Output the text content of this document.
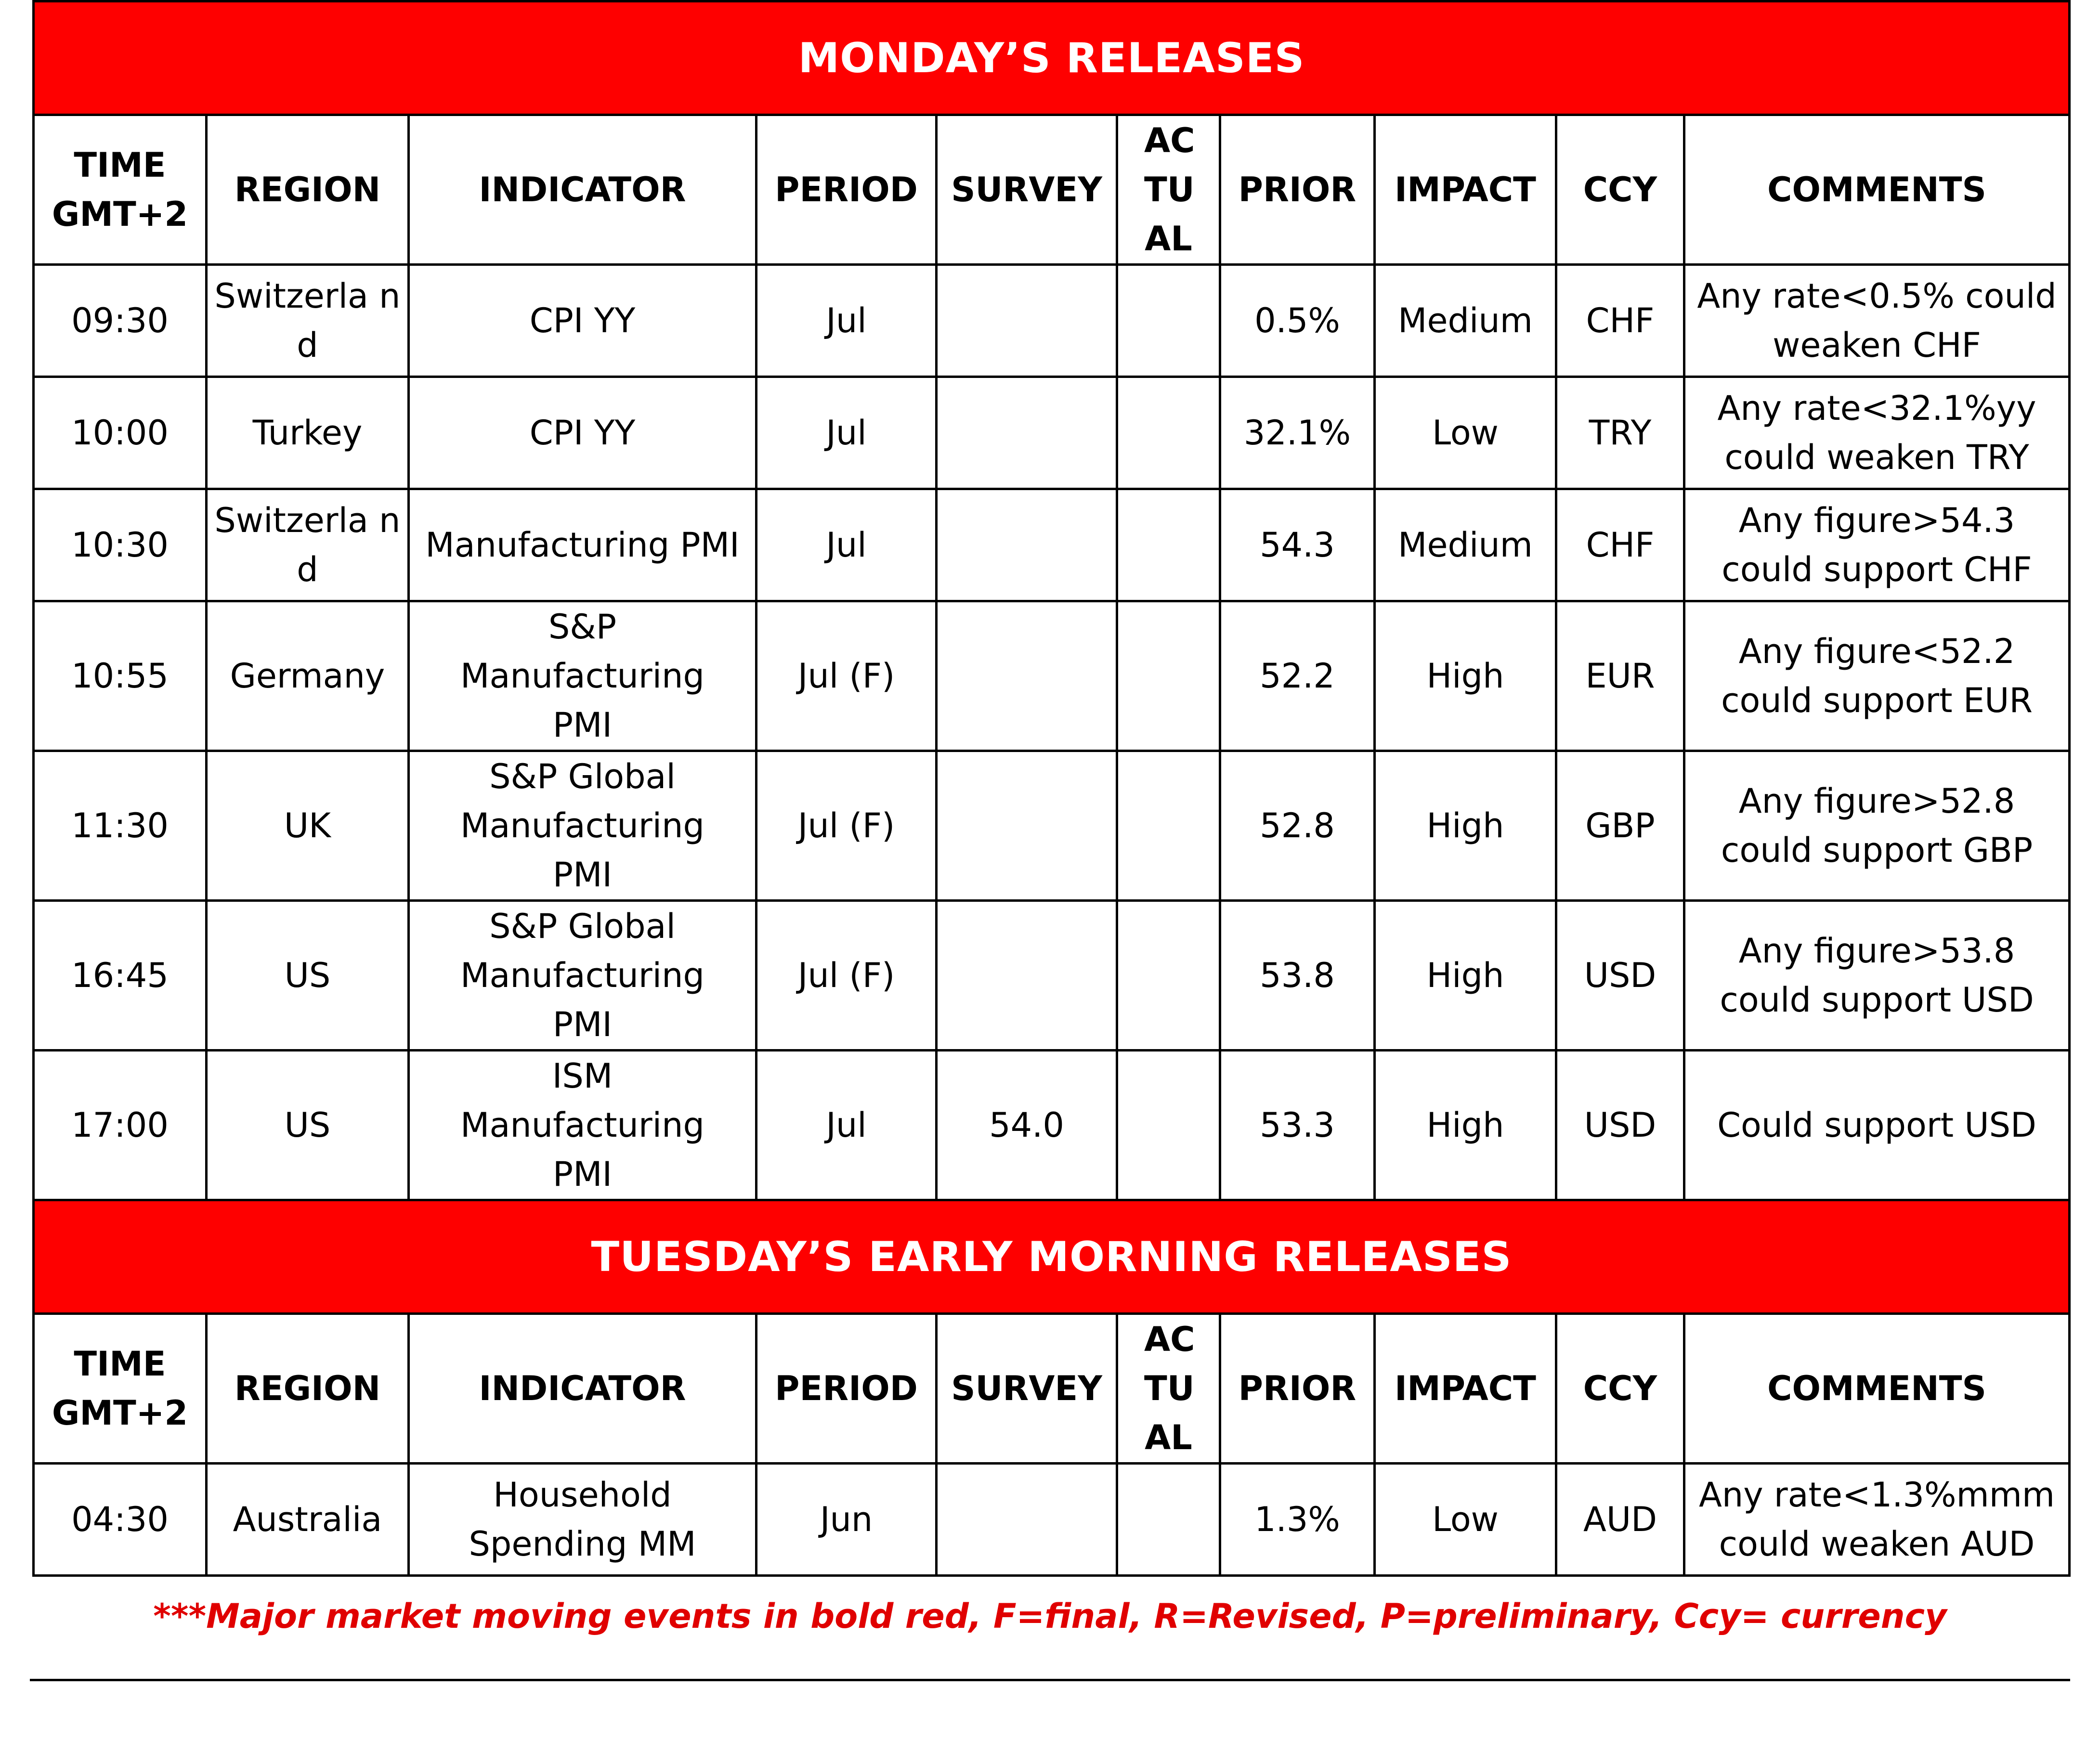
MONDAY’S RELEASES									

TIME GMT+2	REGION	INDICATOR	PERIOD	SURVEY	AC TU AL	PRIOR	IMPACT	CCY	COMMENTS
09:30	Switzerla nd	CPI YY	Jul			0.5%	Medium	CHF	Any rate<0.5% could weaken CHF
10:00	Turkey	CPI YY	Jul			32.1%	Low	TRY	Any rate<32.1%yy could weaken TRY
10:30	Switzerla nd	Manufacturing PMI	Jul			54.3	Medium	CHF	Any figure>54.3 could support CHF
10:55	Germany	S&P Manufacturing PMI	Jul (F)			52.2	High	EUR	Any figure<52.2 could support EUR
11:30	UK	S&P Global Manufacturing PMI	Jul (F)			52.8	High	GBP	Any figure>52.8 could support GBP
16:45	US	S&P Global Manufacturing PMI	Jul (F)			53.8	High	USD	Any figure>53.8 could support USD
17:00	US	ISM Manufacturing PMI	Jul	54.0		53.3	High	USD	Could support USD
TUESDAY’S EARLY MORNING RELEASES									

TIME GMT+2	REGION	INDICATOR	PERIOD	SURVEY	AC TU AL	PRIOR	IMPACT	CCY	COMMENTS
04:30	Australia	Household Spending MM	Jun			1.3%	Low	AUD	Any rate<1.3%mmm could weaken AUD
***Major market moving events in bold red, F=final, R=Revised, P=preliminary, Ccy= currency
